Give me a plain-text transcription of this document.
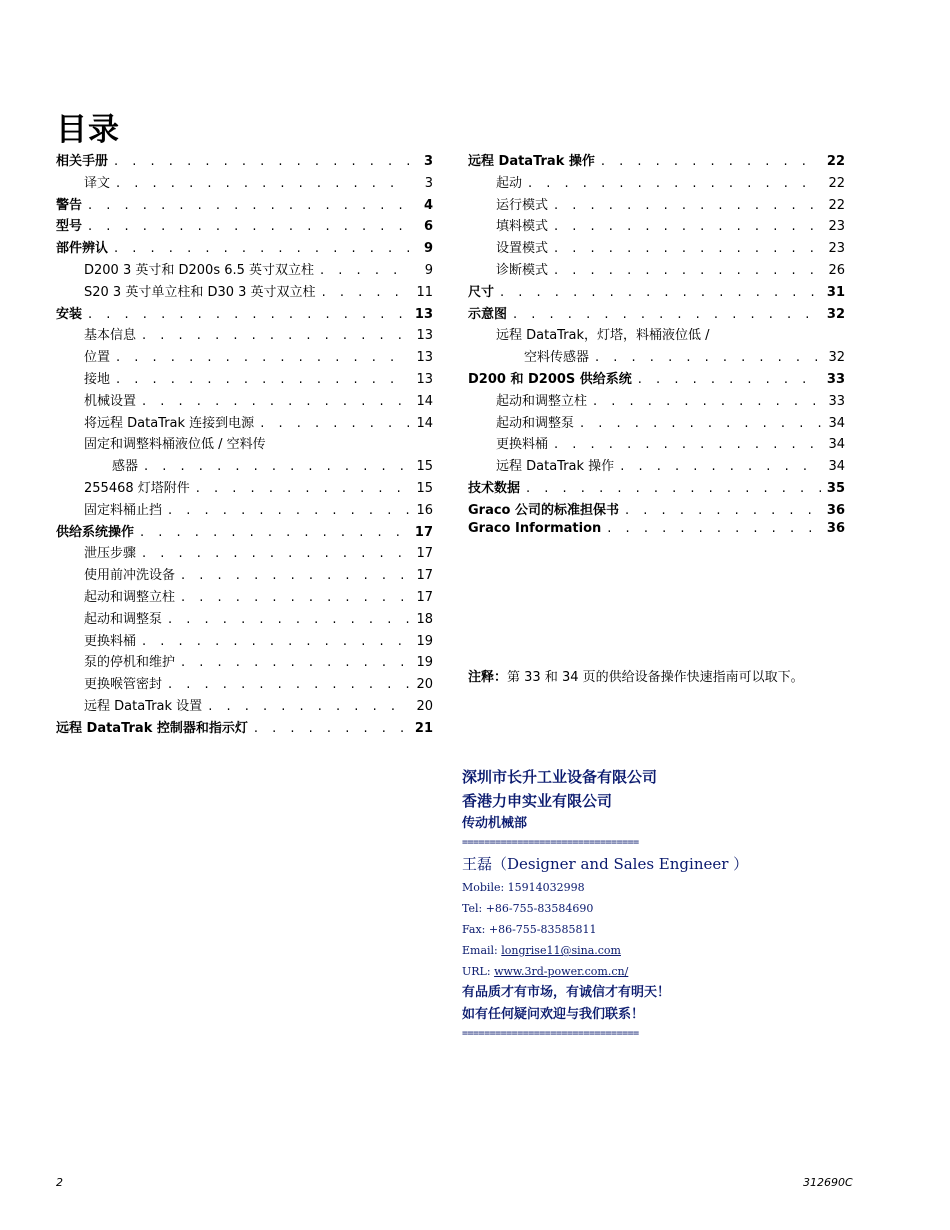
目录
相关手册 . . .	3
译文 . . .	3
警告 . . .	4
型号 . . .	6
部件辨认 . . .	9
D200 3 英寸和 D200s 6.5 英寸双立柱 . . .	9
S20 3 英寸单立柱和 D30 3 英寸双立柱 . . .	11
安装 . . .	13
基本信息 . . .	13
位置 . . .	13
接地 . . .	13
机械设置 . . .	14
将远程 DataTrak 连接到电源 . . .	14
固定和调整料桶液位低 / 空料传
感器 . . .	15
255468 灯塔附件 . . .	15
固定料桶止挡 . . .	16
供给系统操作 . . .	17
泄压步骤 . . .	17
使用前冲洗设备 . . .	17
起动和调整立柱 . . .	17
起动和调整泵 . . .	18
更换料桶 . . .	19
泵的停机和维护 . . .	19
更换喉管密封 . . .	20
远程 DataTrak 设置 . . .	20
远程 DataTrak 控制器和指示灯 . . .	21
远程 DataTrak 操作 . . .	22
起动 . . .	22
运行模式 . . .	22
填料模式 . . .	23
设置模式 . . .	23
诊断模式 . . .	26
尺寸 . . .	31
示意图 . . .	32
远程 DataTrak，灯塔，料桶液位低 /
空料传感器 . . .	32
D200 和 D200S 供给系统 . . .	33
起动和调整立柱 . . .	33
起动和调整泵 . . .	34
更换料桶 . . .	34
远程 DataTrak 操作 . . .	34
技术数据 . . .	35
Graco 公司的标准担保书 . . .	36
Graco Information . . .	36
注释：第 33 和 34 页的供给设备操作快速指南可以取下。
深圳市长升工业设备有限公司
香港力申实业有限公司
传动机械部
================================
王磊（Designer and Sales Engineer ）
Mobile: 15914032998
Tel: +86-755-83584690
Fax: +86-755-83585811
Email: longrise11@sina.com
URL: www.3rd-power.com.cn/
有品质才有市场，有诚信才有明天！
如有任何疑问欢迎与我们联系！
================================
2	312690C
